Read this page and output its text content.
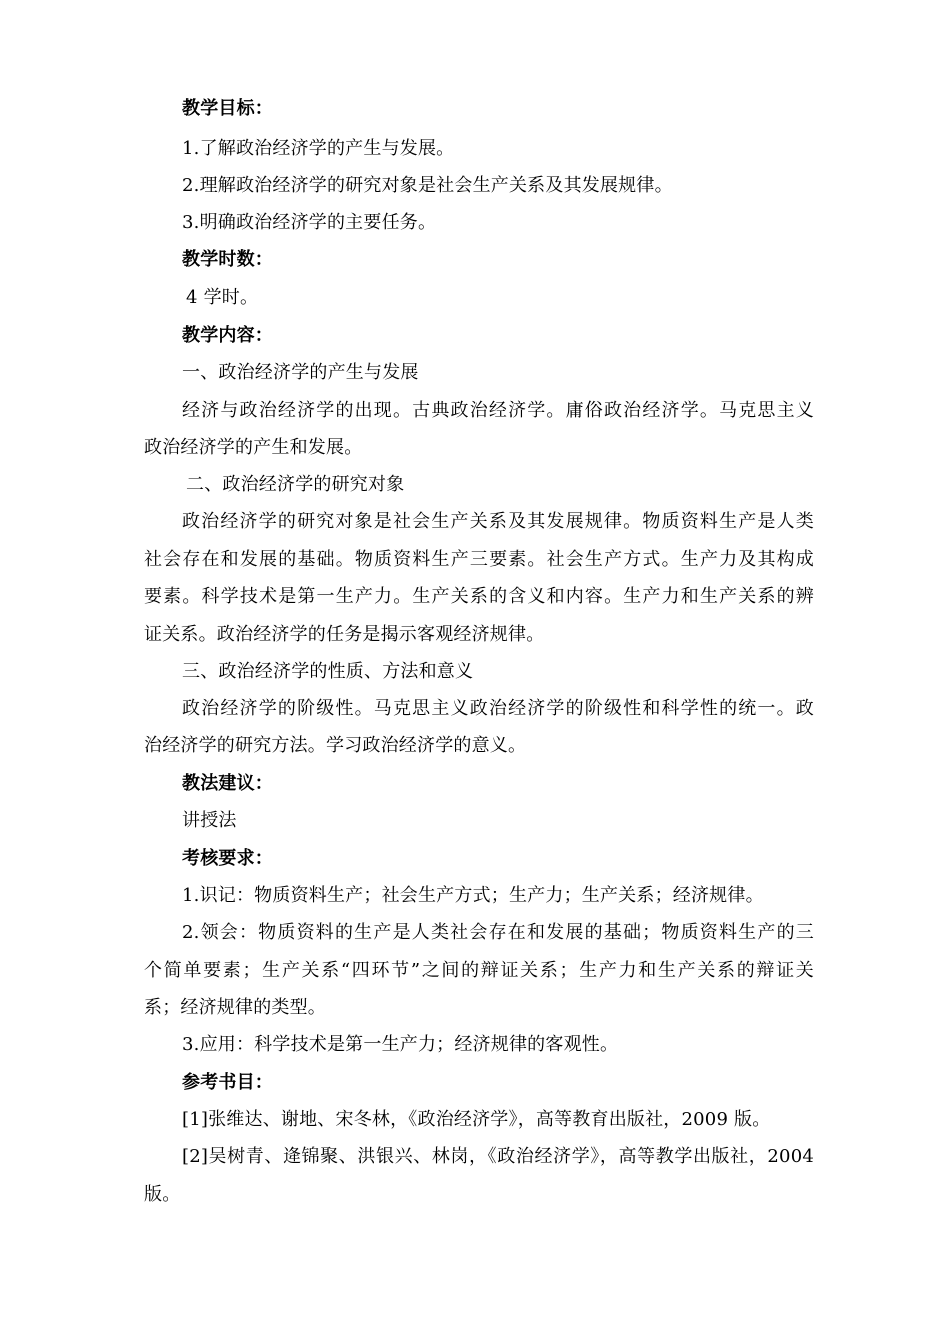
教学目标：
1.了解政治经济学的产生与发展。
2.理解政治经济学的研究对象是社会生产关系及其发展规律。
3.明确政治经济学的主要任务。
教学时数：
4 学时。
教学内容：
一、政治经济学的产生与发展
经济与政治经济学的出现。古典政治经济学。庸俗政治经济学。马克思主义
政治经济学的产生和发展。
二、政治经济学的研究对象
政治经济学的研究对象是社会生产关系及其发展规律。物质资料生产是人类
社会存在和发展的基础。物质资料生产三要素。社会生产方式。生产力及其构成
要素。科学技术是第一生产力。生产关系的含义和内容。生产力和生产关系的辨
证关系。政治经济学的任务是揭示客观经济规律。
三、政治经济学的性质、方法和意义
政治经济学的阶级性。马克思主义政治经济学的阶级性和科学性的统一。政
治经济学的研究方法。学习政治经济学的意义。
教法建议：
讲授法
考核要求：
1.识记：物质资料生产；社会生产方式；生产力；生产关系；经济规律。
2.领会：物质资料的生产是人类社会存在和发展的基础；物质资料生产的三
个简单要素；生产关系“四环节”之间的辩证关系；生产力和生产关系的辩证关
系；经济规律的类型。
3.应用：科学技术是第一生产力；经济规律的客观性。
参考书目：
[1]张维达、谢地、宋冬林，《政治经济学》，高等教育出版社，2009 版。
[2]吴树青、逄锦聚、洪银兴、林岗，《政治经济学》，高等教学出版社，2004
版。
